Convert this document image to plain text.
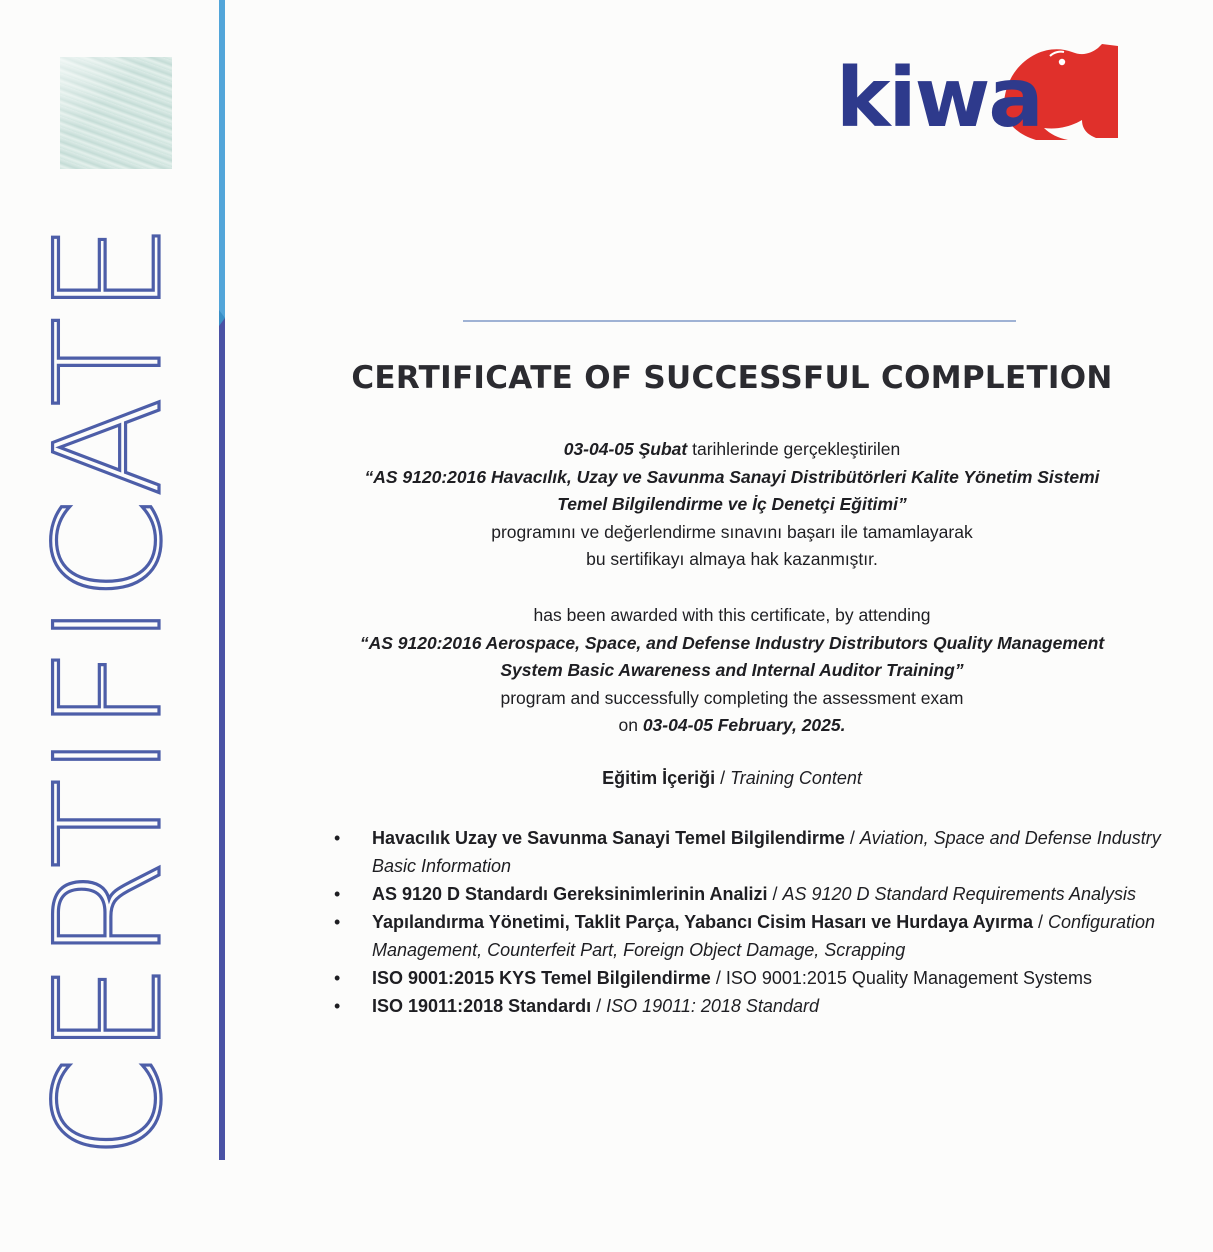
CERTIFICATE
kiwa
CERTIFICATE OF SUCCESSFUL COMPLETION
03-04-05 Şubat tarihlerinde gerçekleştirilen
“AS 9120:2016 Havacılık, Uzay ve Savunma Sanayi Distribütörleri Kalite Yönetim Sistemi
Temel Bilgilendirme ve İç Denetçi Eğitimi”
programını ve değerlendirme sınavını başarı ile tamamlayarak
bu sertifikayı almaya hak kazanmıştır.
has been awarded with this certificate, by attending
“AS 9120:2016 Aerospace, Space, and Defense Industry Distributors Quality Management
System Basic Awareness and Internal Auditor Training”
program and successfully completing the assessment exam
on 03-04-05 February, 2025.
Eğitim İçeriği / Training Content
• Havacılık Uzay ve Savunma Sanayi Temel Bilgilendirme / Aviation, Space and Defense Industry Basic Information
• AS 9120 D Standardı Gereksinimlerinin Analizi / AS 9120 D Standard Requirements Analysis
• Yapılandırma Yönetimi, Taklit Parça, Yabancı Cisim Hasarı ve Hurdaya Ayırma / Configuration Management, Counterfeit Part, Foreign Object Damage, Scrapping
• ISO 9001:2015 KYS Temel Bilgilendirme / ISO 9001:2015 Quality Management Systems
• ISO 19011:2018 Standardı / ISO 19011: 2018 Standard
